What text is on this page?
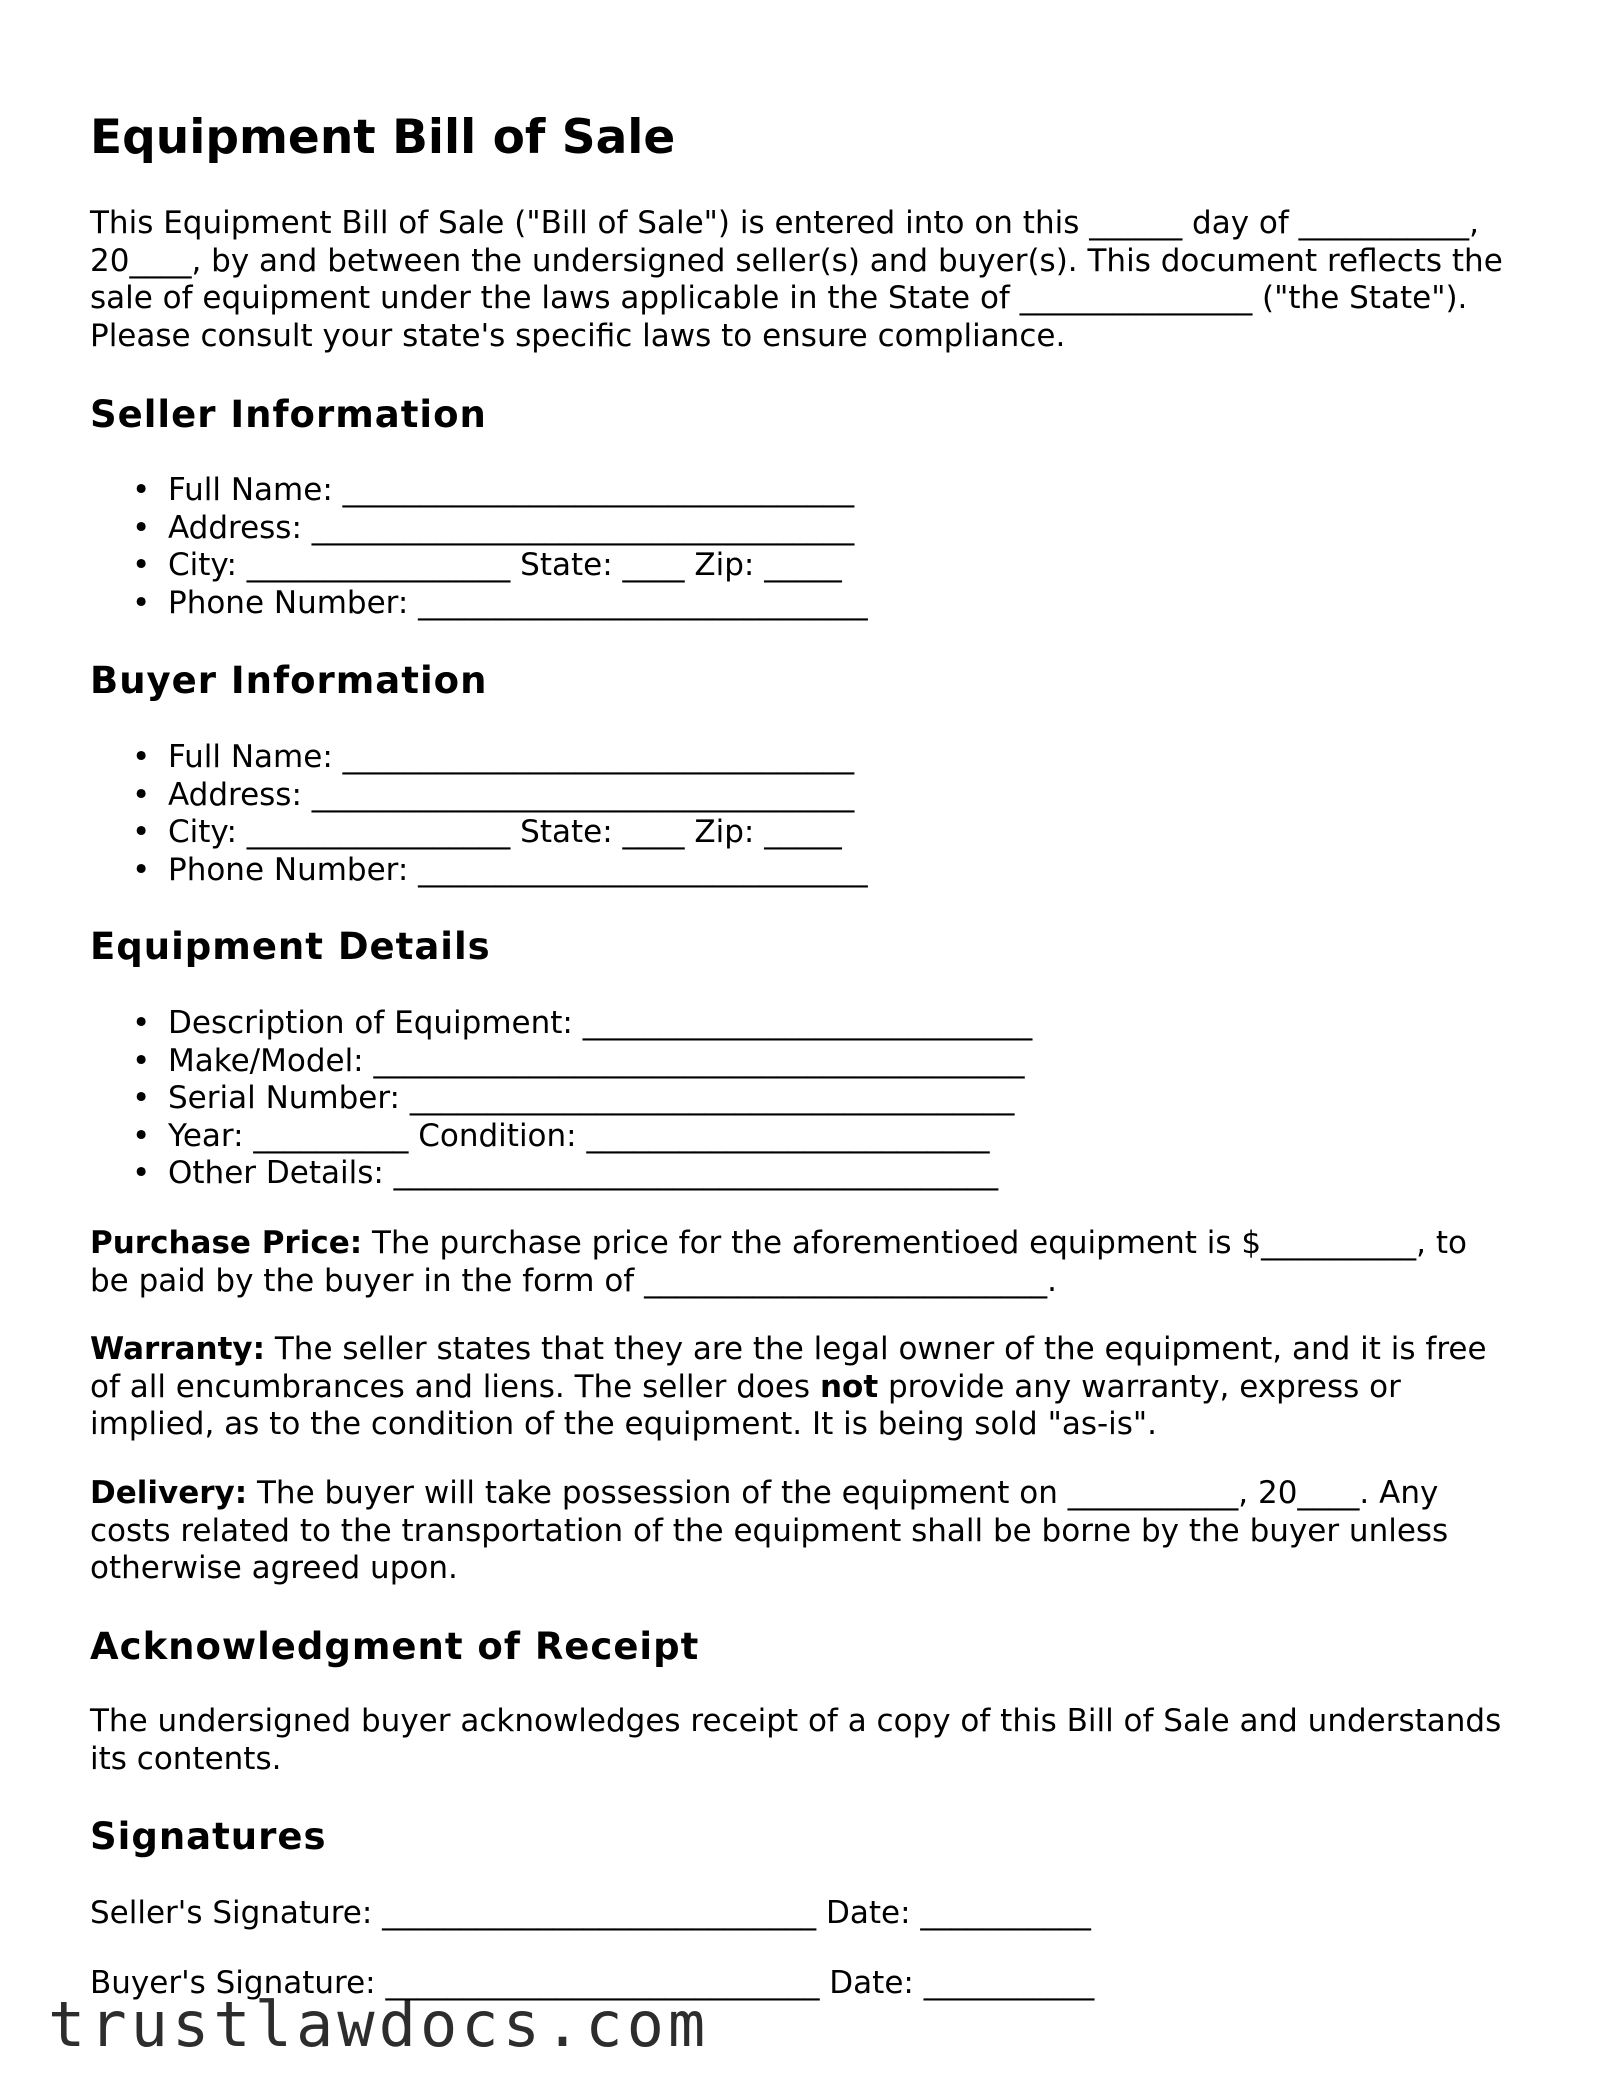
Equipment Bill of Sale
This Equipment Bill of Sale ("Bill of Sale") is entered into on this ______ day of ___________,
20____, by and between the undersigned seller(s) and buyer(s). This document reflects the
sale of equipment under the laws applicable in the State of _______________ ("the State").
Please consult your state's specific laws to ensure compliance.
Seller Information
• Full Name: _________________________________
• Address: ___________________________________
• City: _________________ State: ____ Zip: _____
• Phone Number: _____________________________
Buyer Information
• Full Name: _________________________________
• Address: ___________________________________
• City: _________________ State: ____ Zip: _____
• Phone Number: _____________________________
Equipment Details
• Description of Equipment: _____________________________
• Make/Model: __________________________________________
• Serial Number: _______________________________________
• Year: __________ Condition: __________________________
• Other Details: _______________________________________
Purchase Price: The purchase price for the aforementioed equipment is $__________, to
be paid by the buyer in the form of __________________________.
Warranty: The seller states that they are the legal owner of the equipment, and it is free
of all encumbrances and liens. The seller does not provide any warranty, express or
implied, as to the condition of the equipment. It is being sold "as-is".
Delivery: The buyer will take possession of the equipment on ___________, 20____. Any
costs related to the transportation of the equipment shall be borne by the buyer unless
otherwise agreed upon.
Acknowledgment of Receipt
The undersigned buyer acknowledges receipt of a copy of this Bill of Sale and understands
its contents.
Signatures
Seller's Signature: ____________________________ Date: ___________
Buyer's Signature: ____________________________ Date: ___________
trustlawdocs.com
